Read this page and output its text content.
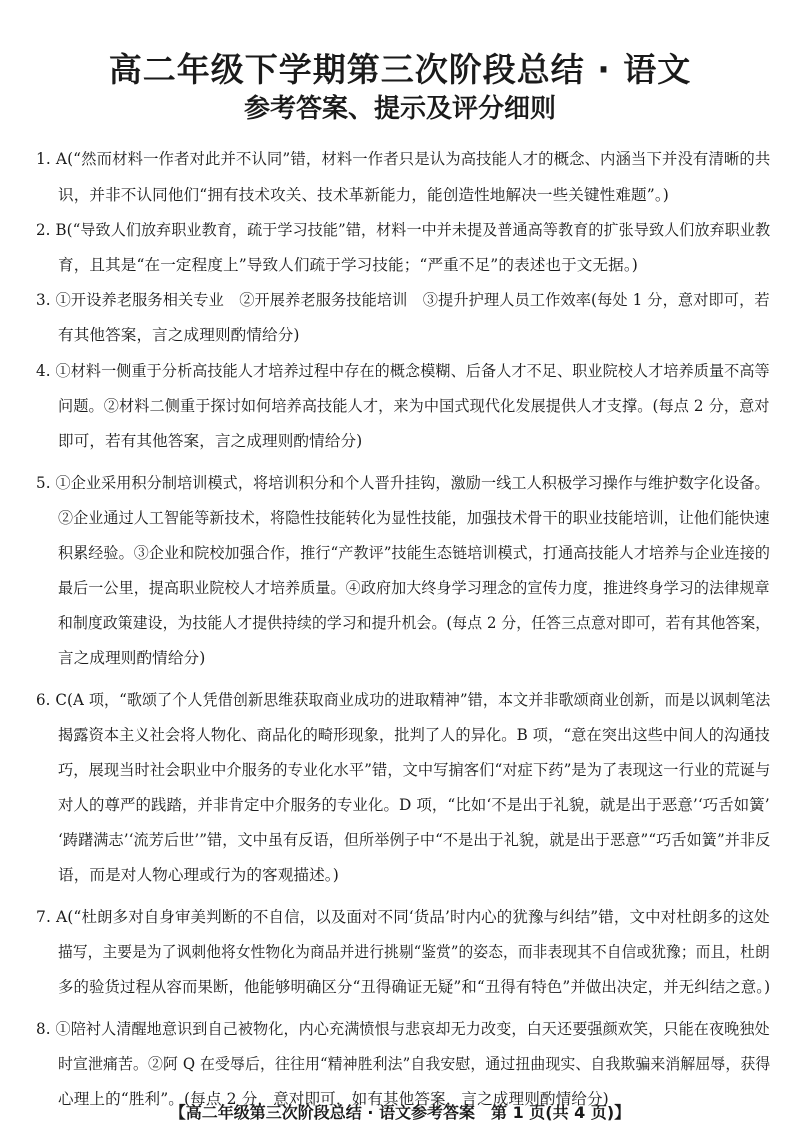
高二年级下学期第三次阶段总结 · 语文
参考答案、提示及评分细则
1. A(“然而材料一作者对此并不认同”错，材料一作者只是认为高技能人才的概念、内涵当下并没有清晰的共
识，并非不认同他们“拥有技术攻关、技术革新能力，能创造性地解决一些关键性难题”。)
2. B(“导致人们放弃职业教育，疏于学习技能”错，材料一中并未提及普通高等教育的扩张导致人们放弃职业教
育，且其是“在一定程度上”导致人们疏于学习技能；“严重不足”的表述也于文无据。)
3. ①开设养老服务相关专业　②开展养老服务技能培训　③提升护理人员工作效率(每处 1 分，意对即可，若
有其他答案，言之成理则酌情给分)
4. ①材料一侧重于分析高技能人才培养过程中存在的概念模糊、后备人才不足、职业院校人才培养质量不高等
问题。②材料二侧重于探讨如何培养高技能人才，来为中国式现代化发展提供人才支撑。(每点 2 分，意对
即可，若有其他答案，言之成理则酌情给分)
5. ①企业采用积分制培训模式，将培训积分和个人晋升挂钩，激励一线工人积极学习操作与维护数字化设备。
②企业通过人工智能等新技术，将隐性技能转化为显性技能，加强技术骨干的职业技能培训，让他们能快速
积累经验。③企业和院校加强合作，推行“产教评”技能生态链培训模式，打通高技能人才培养与企业连接的
最后一公里，提高职业院校人才培养质量。④政府加大终身学习理念的宣传力度，推进终身学习的法律规章
和制度政策建设，为技能人才提供持续的学习和提升机会。(每点 2 分，任答三点意对即可，若有其他答案，
言之成理则酌情给分)
6. C(A 项，“歌颂了个人凭借创新思维获取商业成功的进取精神”错，本文并非歌颂商业创新，而是以讽刺笔法
揭露资本主义社会将人物化、商品化的畸形现象，批判了人的异化。B 项，“意在突出这些中间人的沟通技
巧，展现当时社会职业中介服务的专业化水平”错，文中写掮客们“对症下药”是为了表现这一行业的荒诞与
对人的尊严的践踏，并非肯定中介服务的专业化。D 项，“比如‘不是出于礼貌，就是出于恶意’‘巧舌如簧’
‘踌躇满志’‘流芳后世’”错，文中虽有反语，但所举例子中“不是出于礼貌，就是出于恶意”“巧舌如簧”并非反
语，而是对人物心理或行为的客观描述。)
7. A(“杜朗多对自身审美判断的不自信，以及面对不同‘货品’时内心的犹豫与纠结”错，文中对杜朗多的这处
描写，主要是为了讽刺他将女性物化为商品并进行挑剔“鉴赏”的姿态，而非表现其不自信或犹豫；而且，杜朗
多的验货过程从容而果断，他能够明确区分“丑得确证无疑”和“丑得有特色”并做出决定，并无纠结之意。)
8. ①陪衬人清醒地意识到自己被物化，内心充满愤恨与悲哀却无力改变，白天还要强颜欢笑，只能在夜晚独处
时宣泄痛苦。②阿 Q 在受辱后，往往用“精神胜利法”自我安慰，通过扭曲现实、自我欺骗来消解屈辱，获得
心理上的“胜利”。(每点 2 分，意对即可，如有其他答案，言之成理则酌情给分)
【高二年级第三次阶段总结 · 语文参考答案　第 1 页(共 4 页)】
